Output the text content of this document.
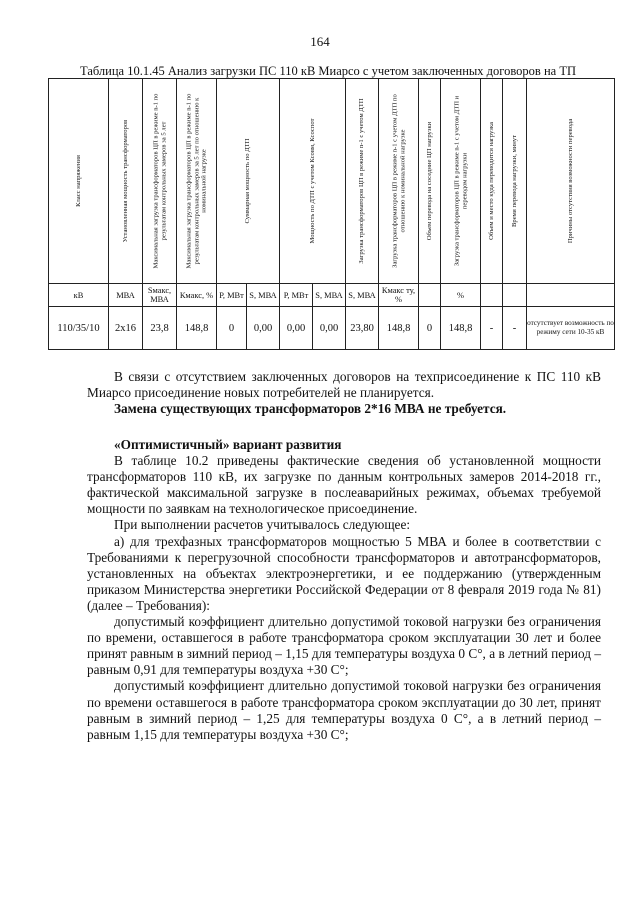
164
Таблица 10.1.45 Анализ загрузки ПС 110 кВ Миарсо с учетом заключенных договоров на ТП
Класс напряжения	Установленная мощность трансформаторов	Максимальная загрузка трансформаторов ЦП в режиме n-1 по результатам контрольных замеров за 5 лет	Максимальная загрузка трансформаторов ЦП в режиме n-1 по результатам контрольных замеров за 5 лет по отношению к номинальной нагрузке	Суммарная мощность по ДТП		Мощность по ДТП с учетом Ксовм, Ксоспот		Загрузка трансформаторов ЦП в режиме n-1 с учетом ДТП	Загрузка трансформаторов ЦП в режиме n-1 с учетом ДТП по отношению к номинальной нагрузке	Объем перевода на соседние ЦП нагрузки	Загрузка трансформаторов ЦП в режиме n-1 с учетом ДТП и переводом нагрузки	Объем и место куда переводится нагрузка	Время перевода нагрузки, минут	Причины отсутствия возможности перевода

кВ	МВА	Sмакс, МВА	Кмакс, %	P, МВт	S, МВА	P, МВт	S, МВА	S, МВА	Кмакс ту, %		%			
110/35/10	2х16	23,8	148,8	0	0,00	0,00	0,00	23,80	148,8	0	148,8	-	-	отсутствует возможность по режиму сети 10-35 кВ

В связи с отсутствием заключенных договоров на техприсоединение к ПС 110 кВ Миарсо присоединение новых потребителей не планируется.

Замена существующих трансформаторов 2*16 МВА не требуется.

«Оптимистичный» вариант развития

В таблице 10.2 приведены фактические сведения об установленной мощности трансформаторов 110 кВ, их загрузке по данным контрольных замеров 2014-2018 гг., фактической максимальной загрузке в послеаварийных режимах, объемах требуемой мощности по заявкам на технологическое присоединение.

При выполнении расчетов учитывалось следующее:

а) для трехфазных трансформаторов мощностью 5 МВА и более в соответствии с Требованиями к перегрузочной способности трансформаторов и автотрансформаторов, установленных на объектах электроэнергетики, и ее поддержанию (утвержденным приказом Министерства энергетики Российской Федерации от 8 февраля 2019 года № 81) (далее – Требования):

допустимый коэффициент длительно допустимой токовой нагрузки без ограничения по времени, оставшегося в работе трансформатора сроком эксплуатации 30 лет и более принят равным в зимний период – 1,15 для температуры воздуха 0 С°, а в летний период – равным 0,91 для температуры воздуха +30 С°;

допустимый коэффициент длительно допустимой токовой нагрузки без ограничения по времени оставшегося в работе трансформатора сроком эксплуатации до 30 лет, принят равным в зимний период – 1,25 для температуры воздуха 0 С°, а в летний период – равным 1,15 для температуры воздуха +30 С°;
